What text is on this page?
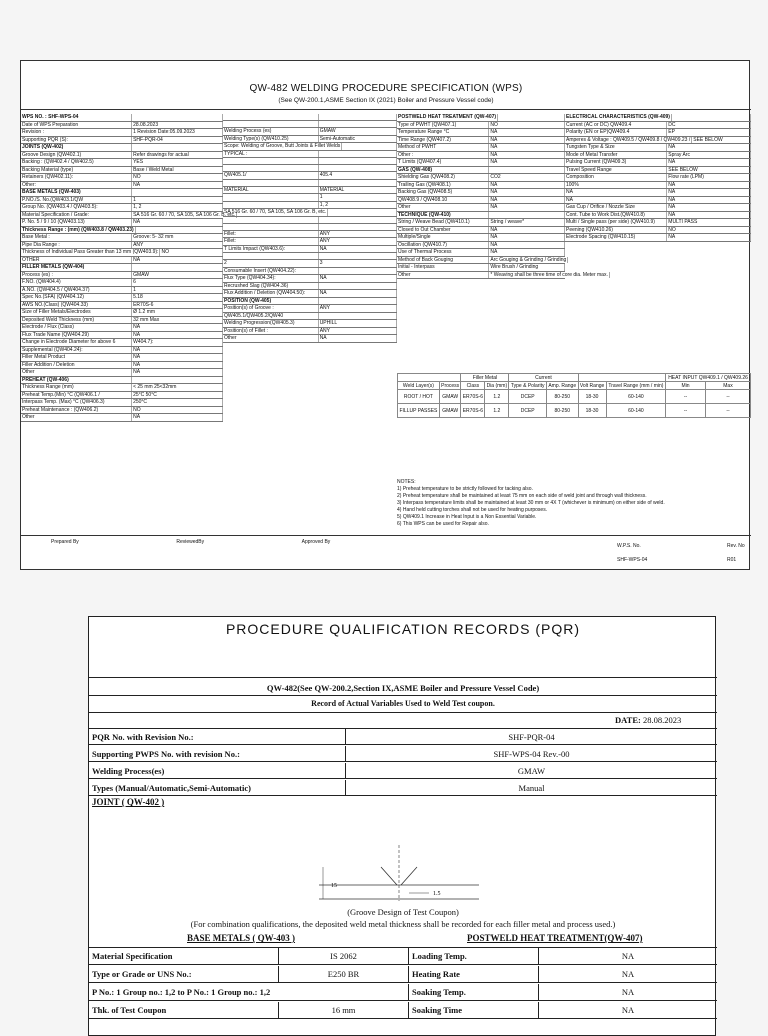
QW-482 WELDING PROCEDURE SPECIFICATION (WPS)
(See QW-200.1,ASME Section IX (2021) Boiler and Pressure Vessel code)
WPS NO. : SHF-WPS-04
Date of WPS Preparation	28.08.2023
Revision :	1 Revision Date:05.09.2023
Supporting PQR (S):	SHF-PQR-04
JOINTS (QW-402)
Groove Design (QW402.1)	Refer drawings for actual
Backing : (QW402.4 / QW402.5)	YES
Backing Material (type)	Base / Weld Metal
Retainers (QW402.11):	NO
Other:	NA
BASE METALS (QW-403)
P.NO./S. No.(QW403.1/QW	1
Group No. (QW403.4 / QW403.5):	1, 2
Material Specification / Grade:	SA 516 Gr. 60 / 70, SA 105, SA 106 Gr. B, etc.
P. No. 5 / 9 / 10 (QW403.13)	NA
Thickness Range : (mm) (QW403.8 / QW403.23)
Base Metal :	Groove: 5- 32 mm
Pipe Dia Range :	ANY
Thickness of Individual Pass Greater than 13 mm (QW403.9): NO
OTHER	NA
FILLER METALS (QW-404)
Process (es) :	GMAW
F.NO. (QW404.4)	6
A.NO. (QW404.5 / QW404.37)	1
Spec No.(SFA) (QW404.12)	5.18
AWS NO.(Class) (QW404.33)	ER70S-6
Size of Filler Metals/Electrodes	Ø 1.2 mm
Deposited Weld Thickness (mm)	32 mm Max
Electrode / Flux (Class)	NA
Flux Trade Name (QW404.29)	NA
Change in Electrode Diameter for above 6	W404.7):
Supplemental (QW404.24):	NA
Filler Metal Product	NA
Filler Addition / Deletion	NA
Other	NA
PREHEAT (QW-406)
Thickness Range (mm)	< 25 mm 25<32mm
Preheat Temp.(Min) °C (QW406.1 /	25°C 50°C
Interpass Temp. (Max) °C (QW406.3)	250°C
Preheat Maintenance : (QW406.2)	NO
Other	NA
Welding Process (es)	GMAW
Welding Type(s) (QW410.25)	Semi-Automatic
Scope: Welding of Groove, Butt Joints & Fillet Welds
TYPICAL :
QW405.1/	405.4
MATERIAL	MATERIAL
1
1, 2
SA 516 Gr. 60 / 70, SA 105, SA 106 Gr. B, etc.
Fillet:	ANY
Fillet:	ANY
T Limits Impact (QW403.6):	NA
2	3
Consumable Insert (QW404.22):
Flux Type (QW404.34):	NA
Recrushed Slag (QW404.36)
Flux Addition / Deletion (QW404.50):	NA
POSITION (QW-405)
Position(s) of Groove :	ANY
QW405.1/QW405.2/QW40
Welding Progression(QW405.3)	UPHILL
Position(s) of Fillet :	ANY
Other	NA
POSTWELD HEAT TREATMENT (QW-407)
Type of PWHT (QW407.1)	NO
Temperature Range °C	NA
Time Range (QW407.2)	NA
Method of PWHT	NA
Other :	NA
T Limits (QW407.4)	NA
GAS (QW-408)
Shielding Gas (QW408.2)	CO2
Trailing Gas (QW408.1)	NA
Backing Gas (QW408.5)	NA
QW408.9 / QW408.10	NA
Other	NA
TECHNIQUE (QW-410)
String / Weave Bead (QW410.1)	String / weave*
Closed to Out Chamber	NA
Multiple/Single	NA
Oscillation (QW410.7)	NA
Use of Thermal Process	NA
Method of Back Gouging	Arc Gouging & Grinding / Grinding
Initial - Interpass	Wire Brush / Grinding
Other	* Weaving shall be three time of core dia. Meter max.
ELECTRICAL CHARACTERISTICS (QW-409)
Current (AC or DC) QW409.4	DC
Polarity (EN or EP)QW409.4	EP
Amperes & Voltage : QW409.5 / QW409.8 / QW409.23 / SEE BELOW
Tungsten Type & Size	NA
Mode of Metal Transfer	Spray Arc
Pulsing Current (QW409.3)	NA
Travel Speed Range	SEE BELOW
Composition	Flow rate (LPM)
100%	NA
NA	NA
NA	NA
Gas Cup / Orifice / Nozzle Size	NA
Cont. Tube to Work Dist.(QW410.8)	NA
Multi / Single pass (per side) (QW410.9)	MULTI PASS
Peening (QW410.26)	NO
Electrode Spacing (QW410.15)	NA
		Filler Metal		Current				HEAT INPUT QW409.1 / QW409.26	
Weld Layer(s)	Process	Class	Dia (mm)	Type & Polarity	Amp. Range	Volt Range	Travel Range (mm / min)	Min	Max
ROOT / HOT	GMAW	ER70S-6	1.2	DCEP	80-250	18-30	60-140	--	--
FILLUP PASSES	GMAW	ER70S-6	1.2	DCEP	80-250	18-30	60-140	--	--
NOTES:
1) Preheat temperature to be strictly followed for tacking also.
2) Preheat temperature shall be maintained at least 75 mm on each side of weld joint and through wall thickness.
3) Interpass temperature limits shall be maintained at least 30 mm or 4X T (whichever is minimum) on either side of weld.
4) Hand held cutting torches shall not be used for heating purposes.
5) QW409.1 Increase in Heat Input is a Non Essential Variable.
6) This WPS can be used for Repair also.
Prepared By	ReviewedBy	Approved By
W.P.S. No.
SHF-WPS-04
Rev. No
R01
PROCEDURE QUALIFICATION RECORDS (PQR)
QW-482(See QW-200.2,Section IX,ASME Boiler and Pressure Vessel Code)
Record of Actual Variables Used to Weld Test coupon.
DATE: 28.08.2023
PQR No. with Revision No.:	SHF-PQR-04
Supporting PWPS No. with revision No.:	SHF-WPS-04 Rev.-00
Welding Process(es)	GMAW
Types (Manual/Automatic,Semi-Automatic)	Manual
JOINT ( QW-402 )
15
1.5
(Groove Design of Test Coupon)
(For combination qualifications, the deposited weld metal thickness shall be recorded for each filler metal and process used.)
BASE METALS ( QW-403 )	POSTWELD HEAT TREATMENT(QW-407)
Material Specification	IS 2062	Loading Temp.	NA
Type or Grade or UNS No.:	E250 BR	Heating Rate	NA
P No.: 1 Group no.: 1,2 to P No.: 1 Group no.: 1,2	Soaking Temp.	NA
Thk. of Test Coupon	16 mm	Soaking Time	NA
